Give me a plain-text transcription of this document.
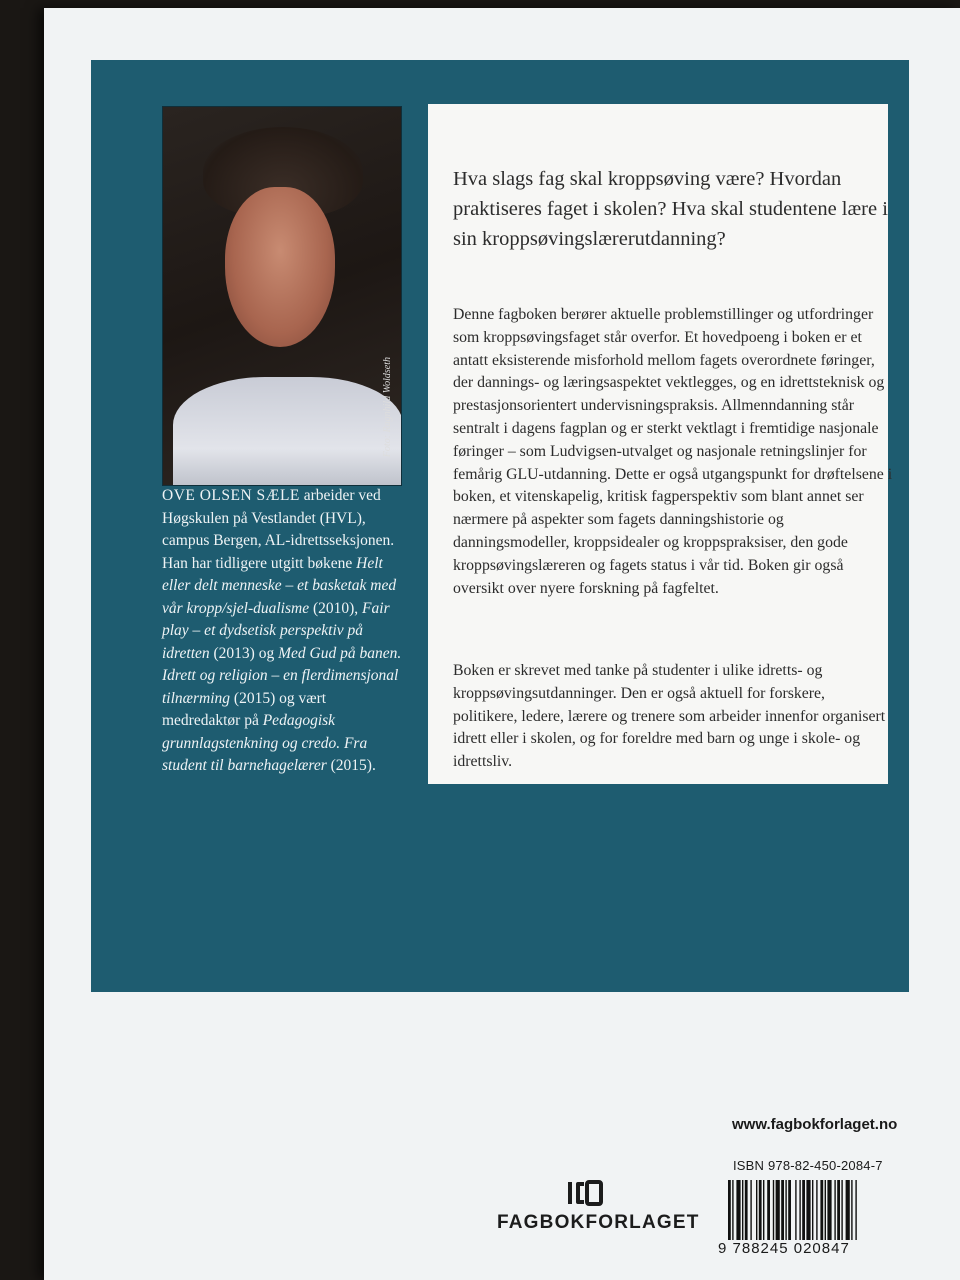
Foto: Ragnhild Woldseth
OVE OLSEN SÆLE arbeider ved Høgskulen på Vestlandet (HVL), campus Bergen, AL-idrettsseksjonen. Han har tidligere utgitt bøkene Helt eller delt menneske – et basketak med vår kropp/sjel-dualisme (2010), Fair play – et dydsetisk perspektiv på idretten (2013) og Med Gud på banen. Idrett og religion – en flerdimensjonal tilnærming (2015) og vært medredaktør på Pedagogisk grunnlagstenkning og credo. Fra student til barnehagelærer (2015).
Hva slags fag skal kroppsøving være? Hvordan praktiseres faget i skolen? Hva skal studentene lære i sin kroppsøvingslærerutdanning?
Denne fagboken berører aktuelle problemstillinger og utfordringer som kroppsøvingsfaget står overfor. Et hovedpoeng i boken er et antatt eksisterende misforhold mellom fagets overordnete føringer, der dannings- og læringsaspektet vektlegges, og en idrettsteknisk og prestasjonsorientert undervisningspraksis. Allmenndanning står sentralt i dagens fagplan og er sterkt vektlagt i fremtidige nasjonale føringer – som Ludvigsen-utvalget og nasjonale retningslinjer for femårig GLU-utdanning. Dette er også utgangspunkt for drøftelsene i boken, et vitenskapelig, kritisk fagperspektiv som blant annet ser nærmere på aspekter som fagets danningshistorie og danningsmodeller, kroppsidealer og kroppspraksiser, den gode kroppsøvingslæreren og fagets status i vår tid. Boken gir også oversikt over nyere forskning på fagfeltet.
Boken er skrevet med tanke på studenter i ulike idretts- og kroppsøvingsutdanninger. Den er også aktuell for forskere, politikere, ledere, lærere og trenere som arbeider innenfor organisert idrett eller i skolen, og for foreldre med barn og unge i skole- og idrettsliv.
www.fagbokforlaget.no
ISBN 978-82-450-2084-7
FAGBOKFORLAGET
9 788245 020847
